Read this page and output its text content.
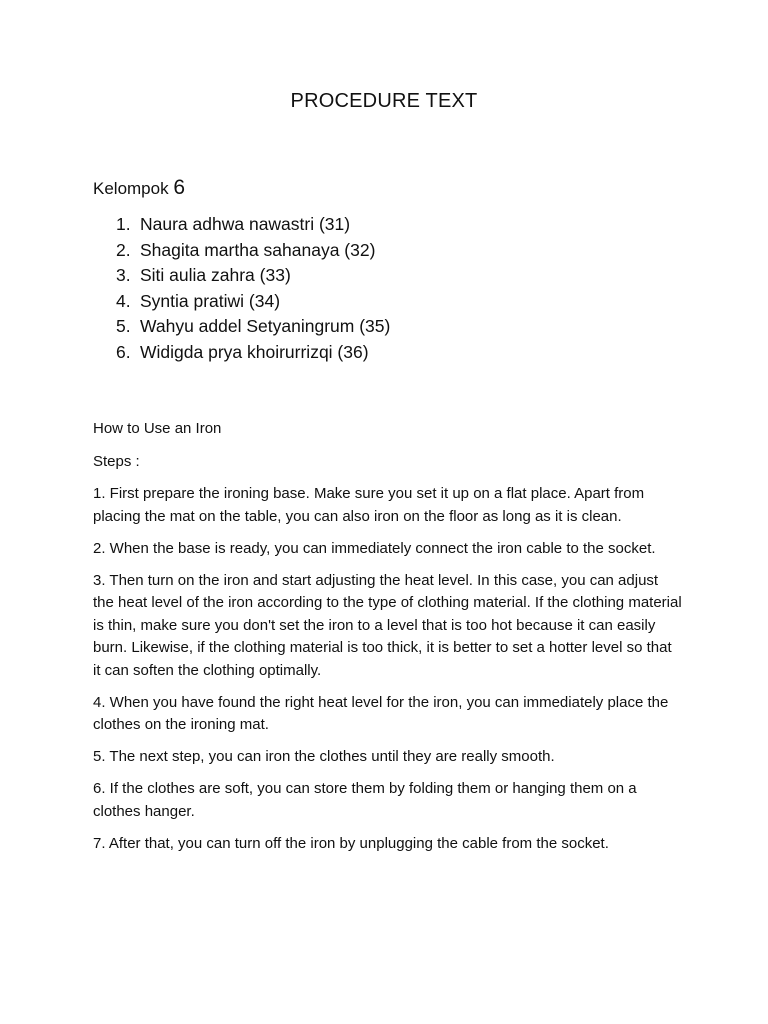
PROCEDURE TEXT
Kelompok 6
1. Naura adhwa nawastri (31)
2. Shagita martha sahanaya (32)
3. Siti aulia zahra (33)
4. Syntia pratiwi (34)
5. Wahyu addel Setyaningrum (35)
6. Widigda prya khoirurrizqi (36)

How to Use an Iron

Steps :

1. First prepare the ironing base. Make sure you set it up on a flat place. Apart from placing the mat on the table, you can also iron on the floor as long as it is clean.

2. When the base is ready, you can immediately connect the iron cable to the socket.

3. Then turn on the iron and start adjusting the heat level. In this case, you can adjust the heat level of the iron according to the type of clothing material. If the clothing material is thin, make sure you don't set the iron to a level that is too hot because it can easily burn. Likewise, if the clothing material is too thick, it is better to set a hotter level so that it can soften the clothing optimally.

4. When you have found the right heat level for the iron, you can immediately place the clothes on the ironing mat.

5. The next step, you can iron the clothes until they are really smooth.

6. If the clothes are soft, you can store them by folding them or hanging them on a clothes hanger.

7. After that, you can turn off the iron by unplugging the cable from the socket.
